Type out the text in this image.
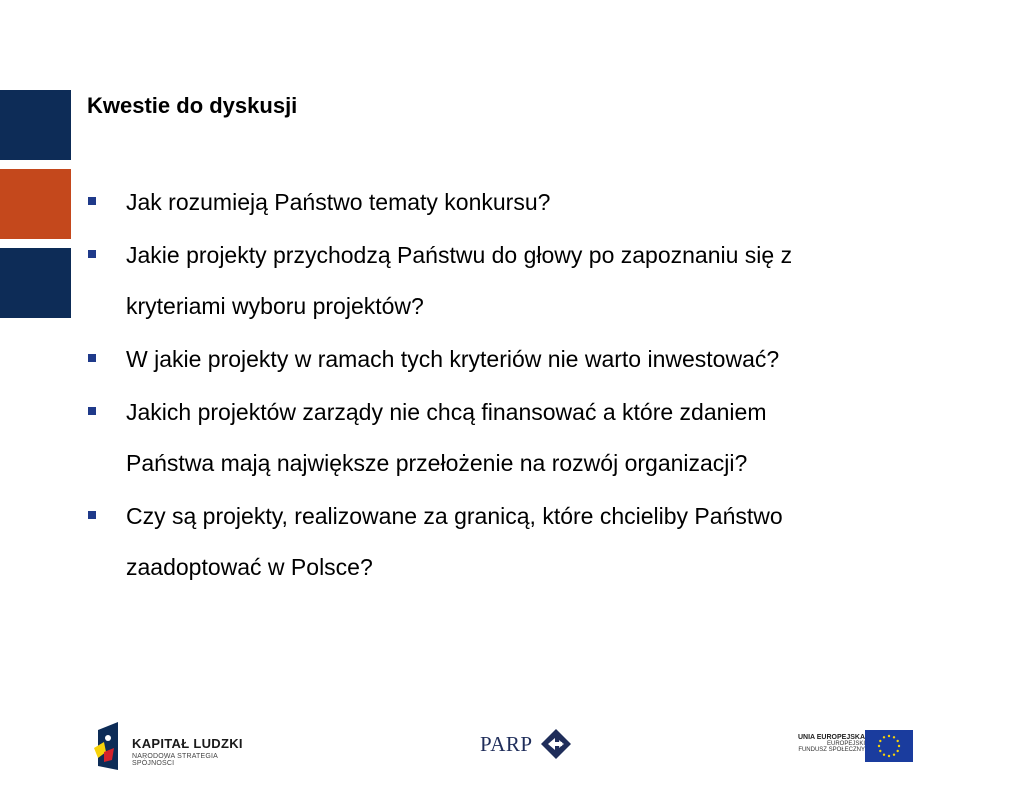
Kwestie do dyskusji
Jak rozumieją Państwo tematy konkursu?
Jakie projekty przychodzą Państwu do głowy po zapoznaniu się z
kryteriami wyboru projektów?
W jakie projekty w ramach tych kryteriów nie warto inwestować?
Jakich projektów zarządy nie chcą finansować a które zdaniem
Państwa mają największe przełożenie na rozwój organizacji?
Czy są projekty, realizowane za granicą, które chcieliby Państwo
zaadoptować w Polsce?
KAPITAŁ LUDZKI
NARODOWA STRATEGIA SPÓJNOŚCI
PARP	UNIA EUROPEJSKA
EUROPEJSKI
FUNDUSZ SPOŁECZNY
